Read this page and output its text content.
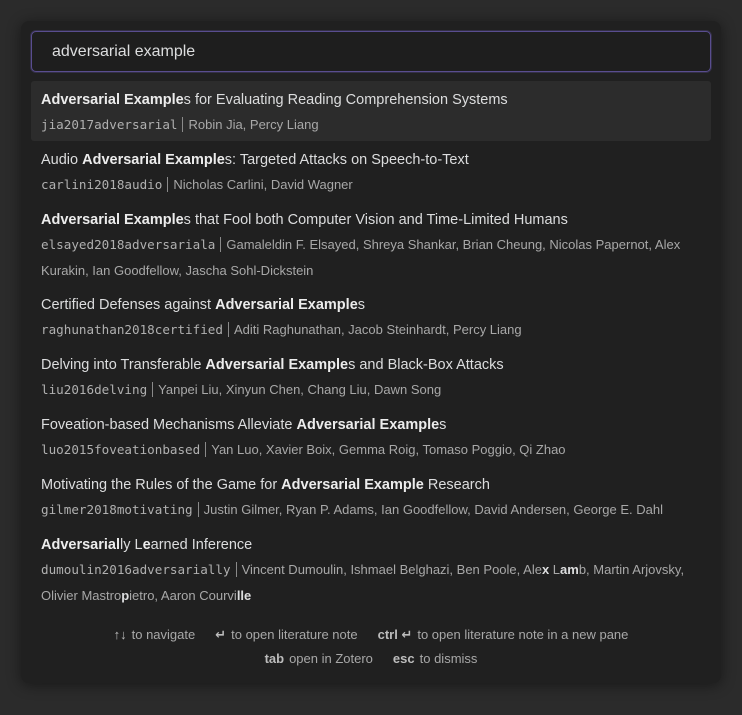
adversarial example
Adversarial Examples for Evaluating Reading Comprehension Systems
jia2017adversarial Robin Jia, Percy Liang
Audio Adversarial Examples: Targeted Attacks on Speech-to-Text
carlini2018audio Nicholas Carlini, David Wagner
Adversarial Examples that Fool both Computer Vision and Time-Limited Humans
elsayed2018adversariala Gamaleldin F. Elsayed, Shreya Shankar, Brian Cheung, Nicolas Papernot, Alex Kurakin, Ian Goodfellow, Jascha Sohl-Dickstein
Certified Defenses against Adversarial Examples
raghunathan2018certified Aditi Raghunathan, Jacob Steinhardt, Percy Liang
Delving into Transferable Adversarial Examples and Black-Box Attacks
liu2016delving Yanpei Liu, Xinyun Chen, Chang Liu, Dawn Song
Foveation-based Mechanisms Alleviate Adversarial Examples
luo2015foveationbased Yan Luo, Xavier Boix, Gemma Roig, Tomaso Poggio, Qi Zhao
Motivating the Rules of the Game for Adversarial Example Research
gilmer2018motivating Justin Gilmer, Ryan P. Adams, Ian Goodfellow, David Andersen, George E. Dahl
Adversarially Learned Inference
dumoulin2016adversarially Vincent Dumoulin, Ishmael Belghazi, Ben Poole, Alex Lamb, Martin Arjovsky, Olivier Mastropietro, Aaron Courville
↑↓ to navigate ↵ to open literature note ctrl ↵ to open literature note in a new pane
tab open in Zotero esc to dismiss
